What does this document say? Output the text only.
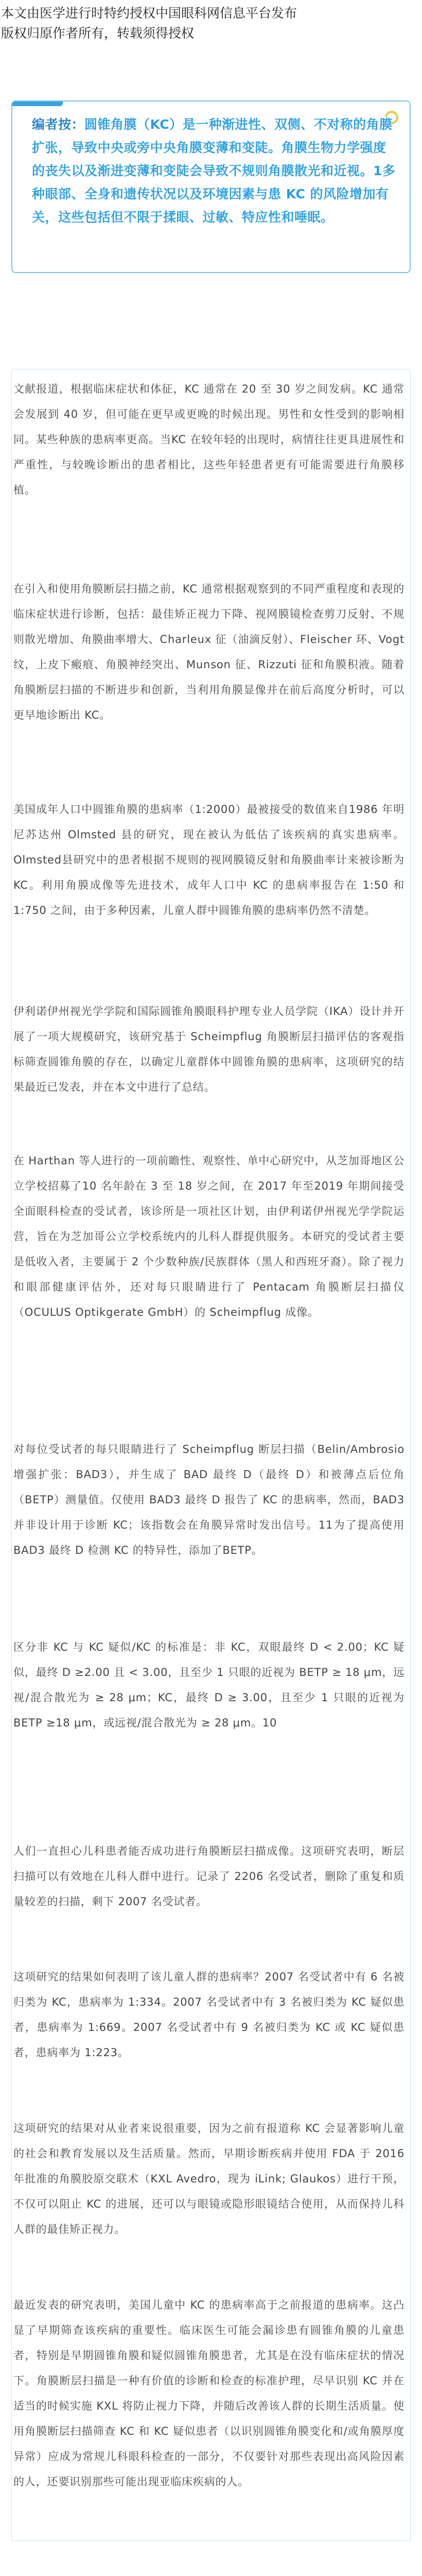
本文由医学进行时特约授权中国眼科网信息平台发布
版权归原作者所有，转载须得授权
编者按：圆锥角膜（KC）是一种渐进性、双侧、不对称的角膜扩张，导致中央或旁中央角膜变薄和变陡。角膜生物力学强度的丧失以及渐进变薄和变陡会导致不规则角膜散光和近视。1多种眼部、全身和遗传状况以及环境因素与患 KC 的风险增加有关，这些包括但不限于揉眼、过敏、特应性和唾眠。

文献报道，根据临床症状和体征，KC 通常在 20 至 30 岁之间发病。KC 通常会发展到 40 岁，但可能在更早或更晚的时候出现。男性和女性受到的影响相同。某些种族的患病率更高。当KC 在较年轻的出现时，病情往往更具进展性和严重性，与较晚诊断出的患者相比，这些年轻患者更有可能需要进行角膜移植。

在引入和使用角膜断层扫描之前，KC 通常根据观察到的不同严重程度和表现的临床症状进行诊断，包括：最佳矫正视力下降、视网膜镜检查剪刀反射、不规则散光增加、角膜曲率增大、Charleux 征（油滴反射）、Fleischer 环、Vogt 纹，上皮下瘢痕、角膜神经突出、Munson 征、Rizzuti 征和角膜积液。随着角膜断层扫描的不断进步和创新，当利用角膜显像并在前后高度分析时，可以更早地诊断出 KC。

美国成年人口中圆锥角膜的患病率（1:2000）最被接受的数值来自1986 年明尼苏达州 Olmsted 县的研究，现在被认为低估了该疾病的真实患病率。Olmsted县研究中的患者根据不规则的视网膜镜反射和角膜曲率计来被诊断为 KC。利用角膜成像等先进技术，成年人口中 KC 的患病率报告在 1:50 和 1:750 之间，由于多种因素，儿童人群中圆锥角膜的患病率仍然不清楚。

伊利诺伊州视光学学院和国际圆锥角膜眼科护理专业人员学院（IKA）设计并开展了一项大规模研究，该研究基于 Scheimpflug 角膜断层扫描评估的客观指标筛查圆锥角膜的存在，以确定儿童群体中圆锥角膜的患病率，这项研究的结果最近已发表，并在本文中进行了总结。

在 Harthan 等人进行的一项前瞻性、观察性、单中心研究中，从芝加哥地区公立学校招募了10 名年龄在 3 至 18 岁之间，在 2017 年至2019 年期间接受全面眼科检查的受试者，该诊所是一项社区计划，由伊利诺伊州视光学学院运营，旨在为芝加哥公立学校系统内的儿科人群提供服务。本研究的受试者主要是低收入者，主要属于 2 个少数种族/民族群体（黑人和西班牙裔）。除了视力和眼部健康评估外，还对每只眼睛进行了 Pentacam 角膜断层扫描仪（OCULUS Optikgerate GmbH）的 Scheimpflug 成像。

对每位受试者的每只眼睛进行了 Scheimpflug 断层扫描（Belin/Ambrosio 增强扩张：BAD3），并生成了 BAD 最终 D（最终 D）和被薄点后位角（BETP）测量值。仅使用 BAD3 最终 D 报告了 KC 的患病率，然而，BAD3 并非设计用于诊断 KC；该指数会在角膜异常时发出信号。11为了提高使用 BAD3 最终 D 检测 KC 的特异性，添加了BETP。

区分非 KC 与 KC 疑似/KC 的标准是：非 KC，双眼最终 D < 2.00；KC 疑似，最终 D ≥2.00 且 < 3.00，且至少 1 只眼的近视为 BETP ≥ 18 μm，远视/混合散光为 ≥ 28 μm；KC，最终 D ≥ 3.00，且至少 1 只眼的近视为 BETP ≥18 μm，或远视/混合散光为 ≥ 28 μm。10

人们一直担心儿科患者能否成功进行角膜断层扫描成像。这项研究表明，断层扫描可以有效地在儿科人群中进行。记录了 2206 名受试者，删除了重复和质量较差的扫描，剩下 2007 名受试者。

这项研究的结果如何表明了该儿童人群的患病率？2007 名受试者中有 6 名被归类为 KC，患病率为 1:334。2007 名受试者中有 3 名被归类为 KC 疑似患者，患病率为 1:669。2007 名受试者中有 9 名被归类为 KC 或 KC 疑似患者，患病率为 1:223。

这项研究的结果对从业者来说很重要，因为之前有报道称 KC 会显著影响儿童的社会和教育发展以及生活质量。然而，早期诊断疾病并使用 FDA 于 2016 年批准的角膜胶原交联术（KXL Avedro，现为 iLink; Glaukos）进行干预，不仅可以阻止 KC 的进展，还可以与眼镜或隐形眼镜结合使用，从而保持儿科人群的最佳矫正视力。

最近发表的研究表明，美国儿童中 KC 的患病率高于之前报道的患病率。这凸显了早期筛查该疾病的重要性。临床医生可能会漏诊患有圆锥角膜的儿童患者，特别是早期圆锥角膜和疑似圆锥角膜患者，尤其是在没有临床症状的情况下。角膜断层扫描是一种有价值的诊断和检查的标准护理，尽早识别 KC 并在适当的时候实施 KXL 将防止视力下降，并随后改善该人群的长期生活质量。使用角膜断层扫描筛查 KC 和 KC 疑似患者（以识别圆锥角膜变化和/或角膜厚度异常）应成为常规儿科眼科检查的一部分，不仅要针对那些表现出高风险因素的人，还要识别那些可能出现亚临床疾病的人。
